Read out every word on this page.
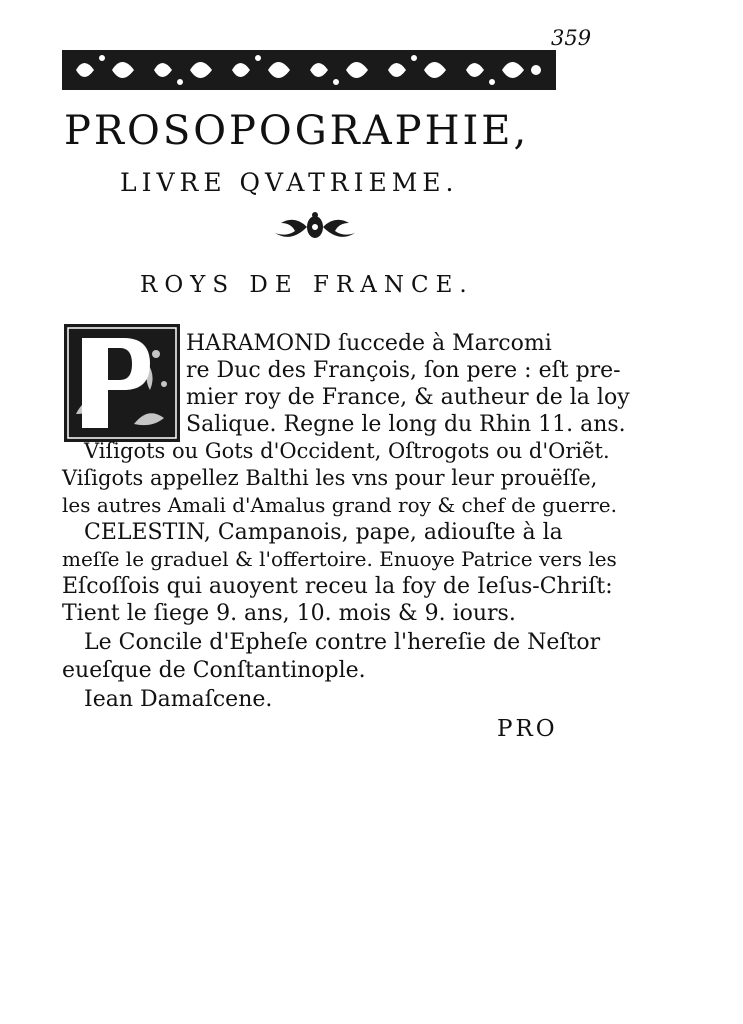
359
PROSOPOGRAPHIE,
LIVRE QVATRIEME.
ROYS DE FRANCE.
HARAMOND ſuccede à Marcomi
re Duc des François, ſon pere : eſt pre-
mier roy de France, & autheur de la loy
Salique. Regne le long du Rhin 11. ans.
Viſigots ou Gots d'Occident, Oſtrogots ou d'Oriẽt.
Viſigots appellez Balthi les vns pour leur prouëſſe,
les autres Amali d'Amalus grand roy & chef de guerre.
CELESTIN, Campanois, pape, adiouſte à la
meſſe le graduel & l'offertoire. Enuoye Patrice vers les
Eſcoſſois qui auoyent receu la foy de Ieſus-Chriſt:
Tient le ſiege 9. ans, 10. mois & 9. iours.
Le Concile d'Epheſe contre l'hereſie de Neſtor
eueſque de Conſtantinople.
Iean Damaſcene.
PRO
